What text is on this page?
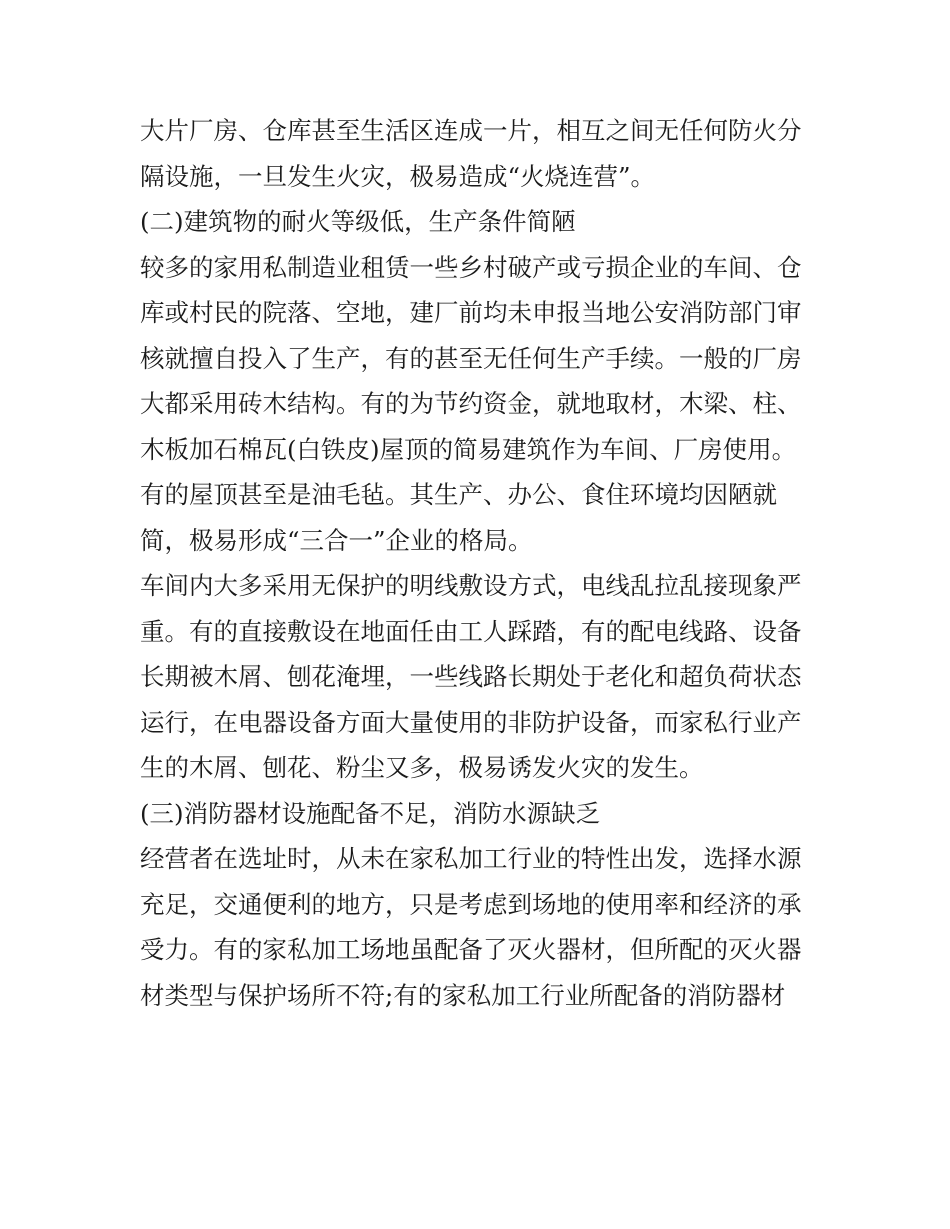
大片厂房、仓库甚至生活区连成一片，相互之间无任何防火分
隔设施，一旦发生火灾，极易造成“火烧连营”。
(二)建筑物的耐火等级低，生产条件简陋
较多的家用私制造业租赁一些乡村破产或亏损企业的车间、仓
库或村民的院落、空地，建厂前均未申报当地公安消防部门审
核就擅自投入了生产，有的甚至无任何生产手续。一般的厂房
大都采用砖木结构。有的为节约资金，就地取材，木梁、柱、
木板加石棉瓦(白铁皮)屋顶的简易建筑作为车间、厂房使用。
有的屋顶甚至是油毛毡。其生产、办公、食住环境均因陋就
简，极易形成“三合一”企业的格局。
车间内大多采用无保护的明线敷设方式，电线乱拉乱接现象严
重。有的直接敷设在地面任由工人踩踏，有的配电线路、设备
长期被木屑、刨花淹埋，一些线路长期处于老化和超负荷状态
运行，在电器设备方面大量使用的非防护设备，而家私行业产
生的木屑、刨花、粉尘又多，极易诱发火灾的发生。
(三)消防器材设施配备不足，消防水源缺乏
经营者在选址时，从未在家私加工行业的特性出发，选择水源
充足，交通便利的地方，只是考虑到场地的使用率和经济的承
受力。有的家私加工场地虽配备了灭火器材，但所配的灭火器
材类型与保护场所不符;有的家私加工行业所配备的消防器材
